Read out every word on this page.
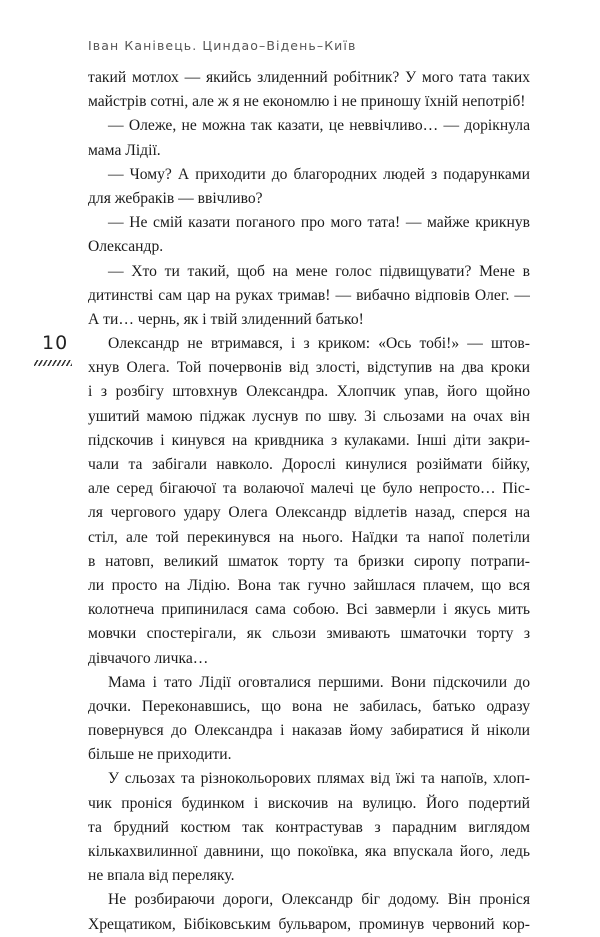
Іван Канівець. Циндао–Відень–Київ
10
такий мотлох — якийсь злиденний робітник? У мого тата таких
майстрів сотні, але ж я не економлю і не приношу їхній непотріб!
— Олеже, не можна так казати, це неввічливо… — дорікнула
мама Лідії.
— Чому? А приходити до благородних людей з подарунками
для жебраків — ввічливо?
— Не смій казати поганого про мого тата! — майже крикнув
Олександр.
— Хто ти такий, щоб на мене голос підвищувати? Мене в
дитинстві сам цар на руках тримав! — вибачно відповів Олег. —
А ти… чернь, як і твій злиденний батько!
Олександр не втримався, і з криком: «Ось тобі!» — штов-
хнув Олега. Той почервонів від злості, відступив на два кроки
і з розбігу штовхнув Олександра. Хлопчик упав, його щойно
ушитий мамою піджак луснув по шву. Зі сльозами на очах він
підскочив і кинувся на кривдника з кулаками. Інші діти закри-
чали та забігали навколо. Дорослі кинулися розіймати бійку,
але серед бігаючої та волаючої малечі це було непросто… Піс-
ля чергового удару Олега Олександр відлетів назад, сперся на
стіл, але той перекинувся на нього. Наїдки та напої полетіли
в натовп, великий шматок торту та бризки сиропу потрапи-
ли просто на Лідію. Вона так гучно зайшлася плачем, що вся
колотнеча припинилася сама собою. Всі завмерли і якусь мить
мовчки спостерігали, як сльози змивають шматочки торту з
дівчачого личка…
Мама і тато Лідії оговталися першими. Вони підскочили до
дочки. Переконавшись, що вона не забилась, батько одразу
повернувся до Олександра і наказав йому забиратися й ніколи
більше не приходити.
У сльозах та різнокольорових плямах від їжі та напоїв, хлоп-
чик проніся будинком і вискочив на вулицю. Його подертий
та брудний костюм так контрастував з парадним виглядом
кількахвилинної давнини, що покоївка, яка впускала його, ледь
не впала від переляку.
Не розбираючи дороги, Олександр біг додому. Він проніся
Хрещатиком, Бібіковським бульваром, проминув червоний кор-
